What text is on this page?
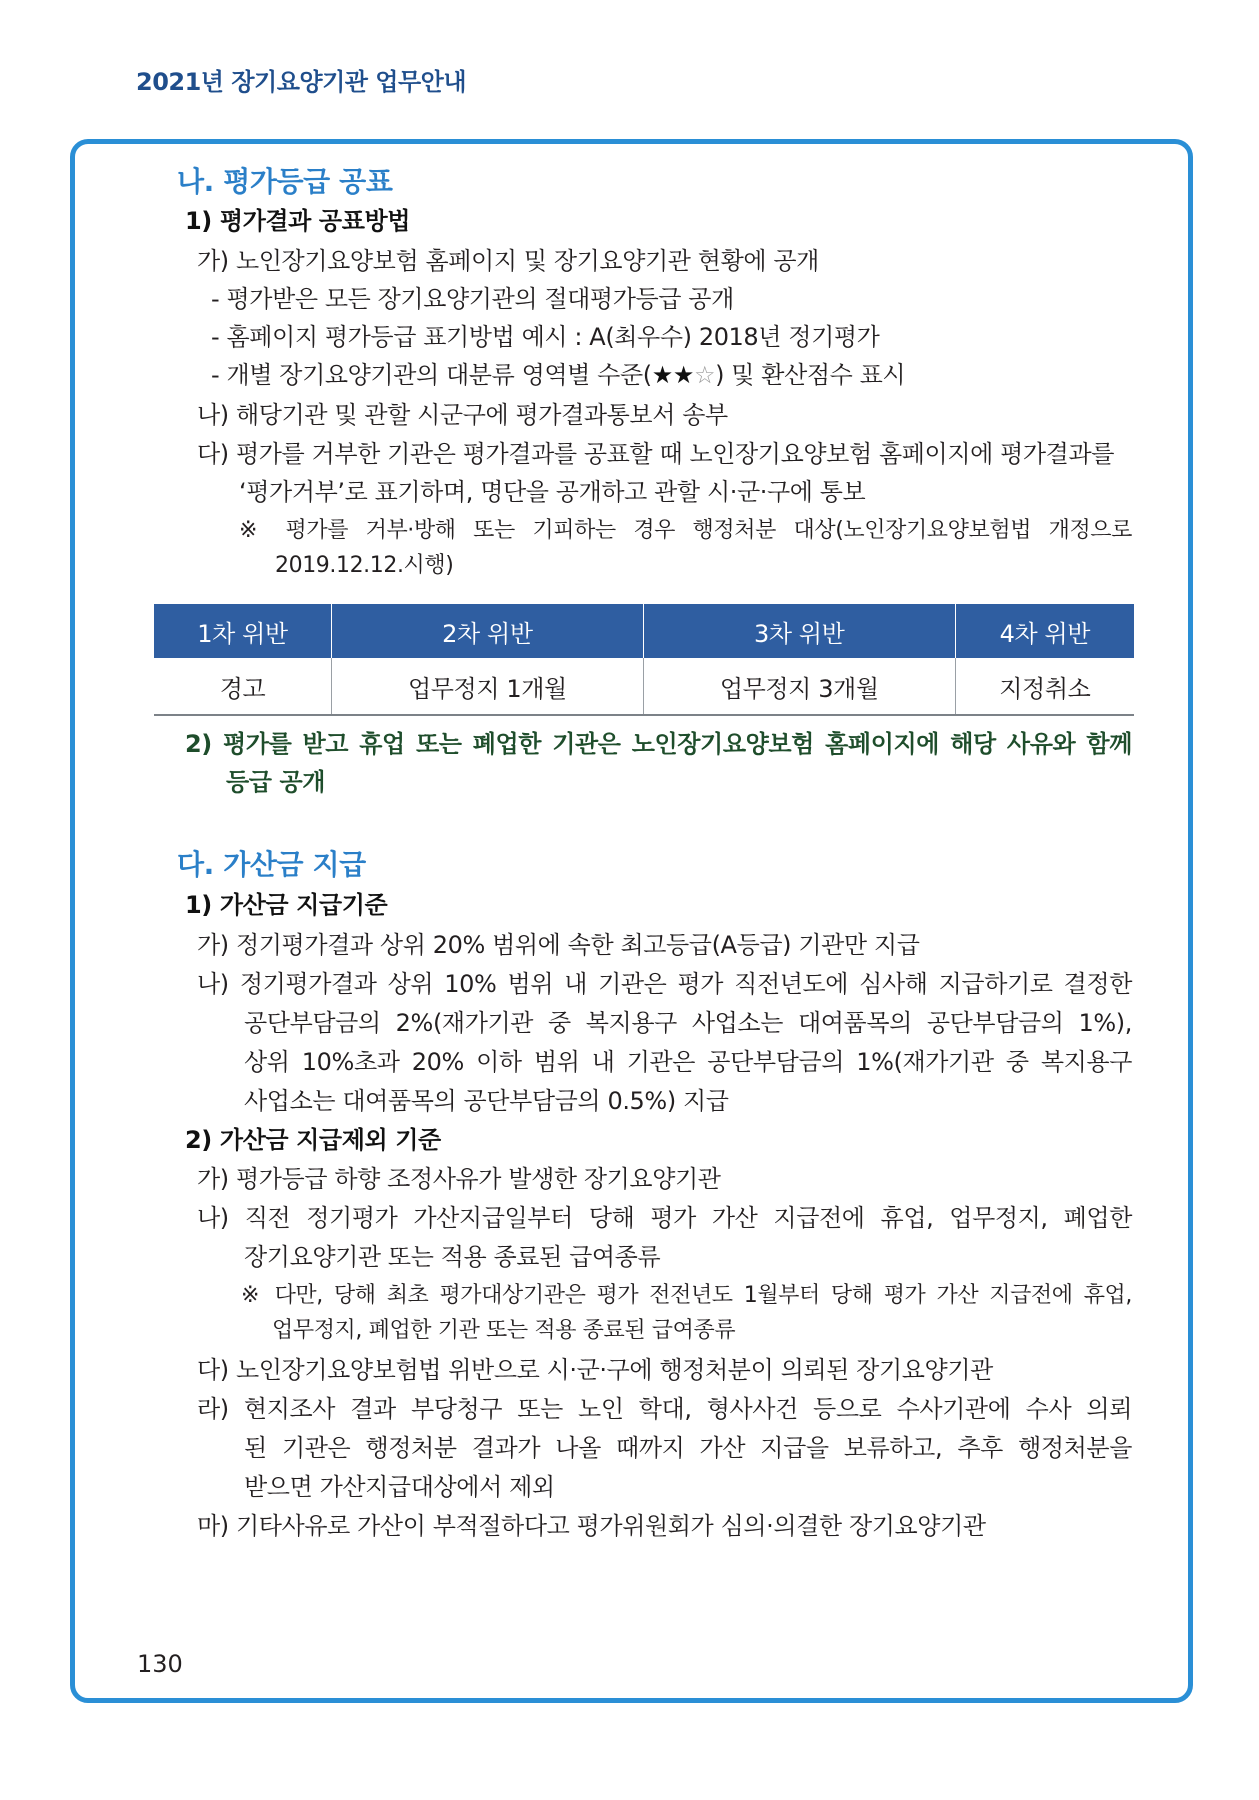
2021년 장기요양기관 업무안내
나. 평가등급 공표
1) 평가결과 공표방법
가) 노인장기요양보험 홈페이지 및 장기요양기관 현황에 공개
- 평가받은 모든 장기요양기관의 절대평가등급 공개
- 홈페이지 평가등급 표기방법 예시 : A(최우수) 2018년 정기평가
- 개별 장기요양기관의 대분류 영역별 수준(★★☆) 및 환산점수 표시
나) 해당기관 및 관할 시군구에 평가결과통보서 송부
다) 평가를 거부한 기관은 평가결과를 공표할 때 노인장기요양보험 홈페이지에 평가결과를
‘평가거부’로 표기하며, 명단을 공개하고 관할 시·군·구에 통보
※ 평가를 거부·방해 또는 기피하는 경우 행정처분 대상(노인장기요양보험법 개정으로
2019.12.12.시행)
1차 위반	2차 위반	3차 위반	4차 위반
경고	업무정지 1개월	업무정지 3개월	지정취소
2) 평가를 받고 휴업 또는 폐업한 기관은 노인장기요양보험 홈페이지에 해당 사유와 함께
등급 공개
다. 가산금 지급
1) 가산금 지급기준
가) 정기평가결과 상위 20% 범위에 속한 최고등급(A등급) 기관만 지급
나) 정기평가결과 상위 10% 범위 내 기관은 평가 직전년도에 심사해 지급하기로 결정한
공단부담금의 2%(재가기관 중 복지용구 사업소는 대여품목의 공단부담금의 1%),
상위 10%초과 20% 이하 범위 내 기관은 공단부담금의 1%(재가기관 중 복지용구
사업소는 대여품목의 공단부담금의 0.5%) 지급
2) 가산금 지급제외 기준
가) 평가등급 하향 조정사유가 발생한 장기요양기관
나) 직전 정기평가 가산지급일부터 당해 평가 가산 지급전에 휴업, 업무정지, 폐업한
장기요양기관 또는 적용 종료된 급여종류
※ 다만, 당해 최초 평가대상기관은 평가 전전년도 1월부터 당해 평가 가산 지급전에 휴업,
업무정지, 폐업한 기관 또는 적용 종료된 급여종류
다) 노인장기요양보험법 위반으로 시·군·구에 행정처분이 의뢰된 장기요양기관
라) 현지조사 결과 부당청구 또는 노인 학대, 형사사건 등으로 수사기관에 수사 의뢰
된 기관은 행정처분 결과가 나올 때까지 가산 지급을 보류하고, 추후 행정처분을
받으면 가산지급대상에서 제외
마) 기타사유로 가산이 부적절하다고 평가위원회가 심의·의결한 장기요양기관
130
